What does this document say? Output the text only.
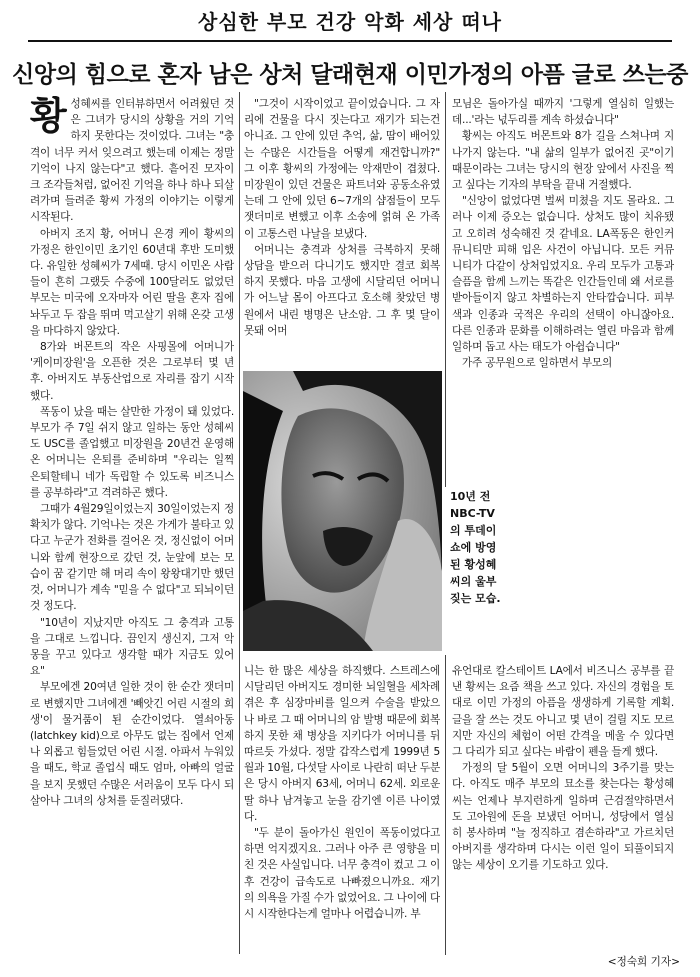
상심한 부모 건강 악화 세상 떠나
신앙의 힘으로 혼자 남은 상처 달래현재 이민가정의 아픔 글로 쓰는중

황성혜씨를 인터뷰하면서 어려웠던 것은 그녀가 당시의 상황을 거의 기억하지 못한다는 것이었다. 그녀는 "충격이 너무 커서 잊으려고 했는데 이제는 정말 기억이 나지 않는다"고 했다. 흩어진 모자이크 조각들처럼, 없어진 기억을 하나 하나 되살려가며 들려준 황씨 가정의 이야기는 이렇게 시작된다.

아버지 조지 황, 어머니 은경 케이 황씨의 가정은 한인이민 초기인 60년대 후반 도미했다. 유일한 성혜씨가 7세때. 당시 이민온 사람들이 흔히 그랬듯 수중에 100달러도 없었던 부모는 미국에 오자마자 어린 딸을 혼자 집에 놔두고 두 잡을 뛰며 먹고살기 위해 온갖 고생을 마다하지 않았다.

8가와 버몬트의 작은 사핑몰에 어머니가 '케이미장원'을 오픈한 것은 그로부터 몇 년 후. 아버지도 부동산업으로 자리를 잡기 시작했다.

폭동이 났을 때는 살만한 가정이 돼 있었다. 부모가 주 7일 쉬지 않고 일하는 동안 성혜씨도 USC를 졸업했고 미장원을 20년건 운영해온 어머니는 은퇴를 준비하며 "우리는 일찍 은퇴할테니 네가 독립할 수 있도록 비즈니스를 공부하라"고 격려하곤 했다.

그때가 4월29일이었는지 30일이었는지 정확치가 않다. 기억나는 것은 가게가 불타고 있다고 누군가 전화를 걸어온 것, 정신없이 어머니와 함께 현장으로 갔던 것, 눈앞에 보는 모습이 꿈 같기만 해 머리 속이 왕왕대기만 했던 것, 어머니가 계속 "믿을 수 없다"고 되뇌이던 것 정도다.

"10년이 지났지만 아직도 그 충격과 고통을 그대로 느낍니다. 끔인지 생신지, 그저 악몽을 꾸고 있다고 생각할 때가 지금도 있어요"

부모에겐 20여년 일한 것이 한 순간 잿더미로 변했지만 그녀에겐 '빼앗긴 어린 시절의 희생'이 물거품이 된 순간이었다. 열쇠아동(latchkey kid)으로 아무도 없는 집에서 언제나 외롭고 힘들었던 어린 시절. 아파서 누워있을 때도, 학교 졸업식 때도 엄마, 아빠의 얼굴을 보지 못했던 수많은 서러움이 모두 다시 되살아나 그녀의 상처를 둔질러댔다.

"그것이 시작이었고 끝이었습니다. 그 자리에 건물을 다시 짓는다고 재기가 되는건 아니죠. 그 안에 있던 추억, 삶, 땀이 배어있는 수많은 시간들을 어떻게 재건합니까?" 그 이후 황씨의 가정에는 악재만이 겹쳤다. 미장원이 있던 건물은 파트너와 공동소유였는데 그 안에 있던 6~7개의 샵점들이 모두 잿더미로 변했고 이후 소송에 얽혀 온 가족이 고통스런 나날을 보냈다.

어머니는 충격과 상처를 극복하지 못해 상담을 받으러 다니기도 했지만 결코 회복하지 못했다. 마음 고생에 시달리던 어머니가 어느날 몸이 아프다고 호소해 찾았던 병원에서 내린 병명은 난소암. 그 후 몇 달이 못돼 어머

10년 전 NBC-TV의 투데이쇼에 방영된 황성혜씨의 울부짖는 모습.

니는 한 많은 세상을 하직했다. 스트레스에 시달리던 아버지도 경미한 뇌일혈을 세차례 겪은 후 심장마비를 일으켜 수술을 받았으나 바로 그 때 어머니의 암 발병 때문에 회복하지 못한 채 병상을 지키다가 어머니를 뒤따르듯 가셨다. 정말 갑작스럽게 1999년 5월과 10월, 다섯달 사이로 나란히 떠난 두분은 당시 아버지 63세, 어머니 62세. 외로운 딸 하나 남겨놓고 눈을 감기엔 이른 나이였다.

"두 분이 돌아가신 원인이 폭동이었다고 하면 억지겠지요. 그러나 아주 큰 영향을 미친 것은 사실입니다. 너무 충격이 컸고 그 이후 건강이 급속도로 나빠졌으니까요. 재기의 의욕을 가질 수가 없었어요. 그 나이에 다시 시작한다는게 얼마나 어렵습니까. 부

모님은 돌아가실 때까지 '그렇게 열심히 일했는데...'라는 넋두리를 계속 하셨습니다"

황씨는 아직도 버몬트와 8가 길을 스쳐나며 지나가지 않는다. "내 삶의 일부가 없어진 곳"이기 때문이라는 그녀는 당시의 현장 앞에서 사진을 찍고 싶다는 기자의 부탁을 끝내 거절했다.

"신앙이 없었다면 벌써 미쳤을 지도 몰라요. 그러나 이제 증오는 없습니다. 상처도 많이 치유됐고 오히려 성숙해진 것 같네요. LA폭동은 한인커뮤니티만 피해 입은 사건이 아닙니다. 모든 커뮤니티가 다같이 상처입었지요. 우리 모두가 고통과 슬픔을 함께 느끼는 똑같은 인간들인데 왜 서로를 받아들이지 않고 차별하는지 안타깝습니다. 피부색과 인종과 국적은 우리의 선택이 아니잖아요. 다른 인종과 문화를 이해하려는 열린 마음과 함께 일하며 돕고 사는 태도가 아쉽습니다"

가주 공무원으로 일하면서 부모의

유언대로 칼스테이트 LA에서 비즈니스 공부를 끝낸 황씨는 요즘 책을 쓰고 있다. 자신의 경험을 토대로 이민 가정의 아픔을 생생하게 기록할 계획. 글을 잘 쓰는 것도 아니고 몇 년이 걸릴 지도 모르지만 자신의 체험이 어떤 간격을 메울 수 있다면 그 다리가 되고 싶다는 바람이 펜을 들게 했다.

가정의 달 5월이 오면 어머니의 3주기를 맞는다. 아직도 매주 부모의 묘소를 찾는다는 황성혜씨는 언제나 부지런하게 일하며 근검절약하면서도 고아원에 돈을 보냈던 어머니, 성당에서 열심히 봉사하며 "늘 정직하고 겸손하라"고 가르치던 아버지를 생각하며 다시는 이런 일이 되풀이되지 않는 세상이 오기를 기도하고 있다.

<정숙희 기자>
